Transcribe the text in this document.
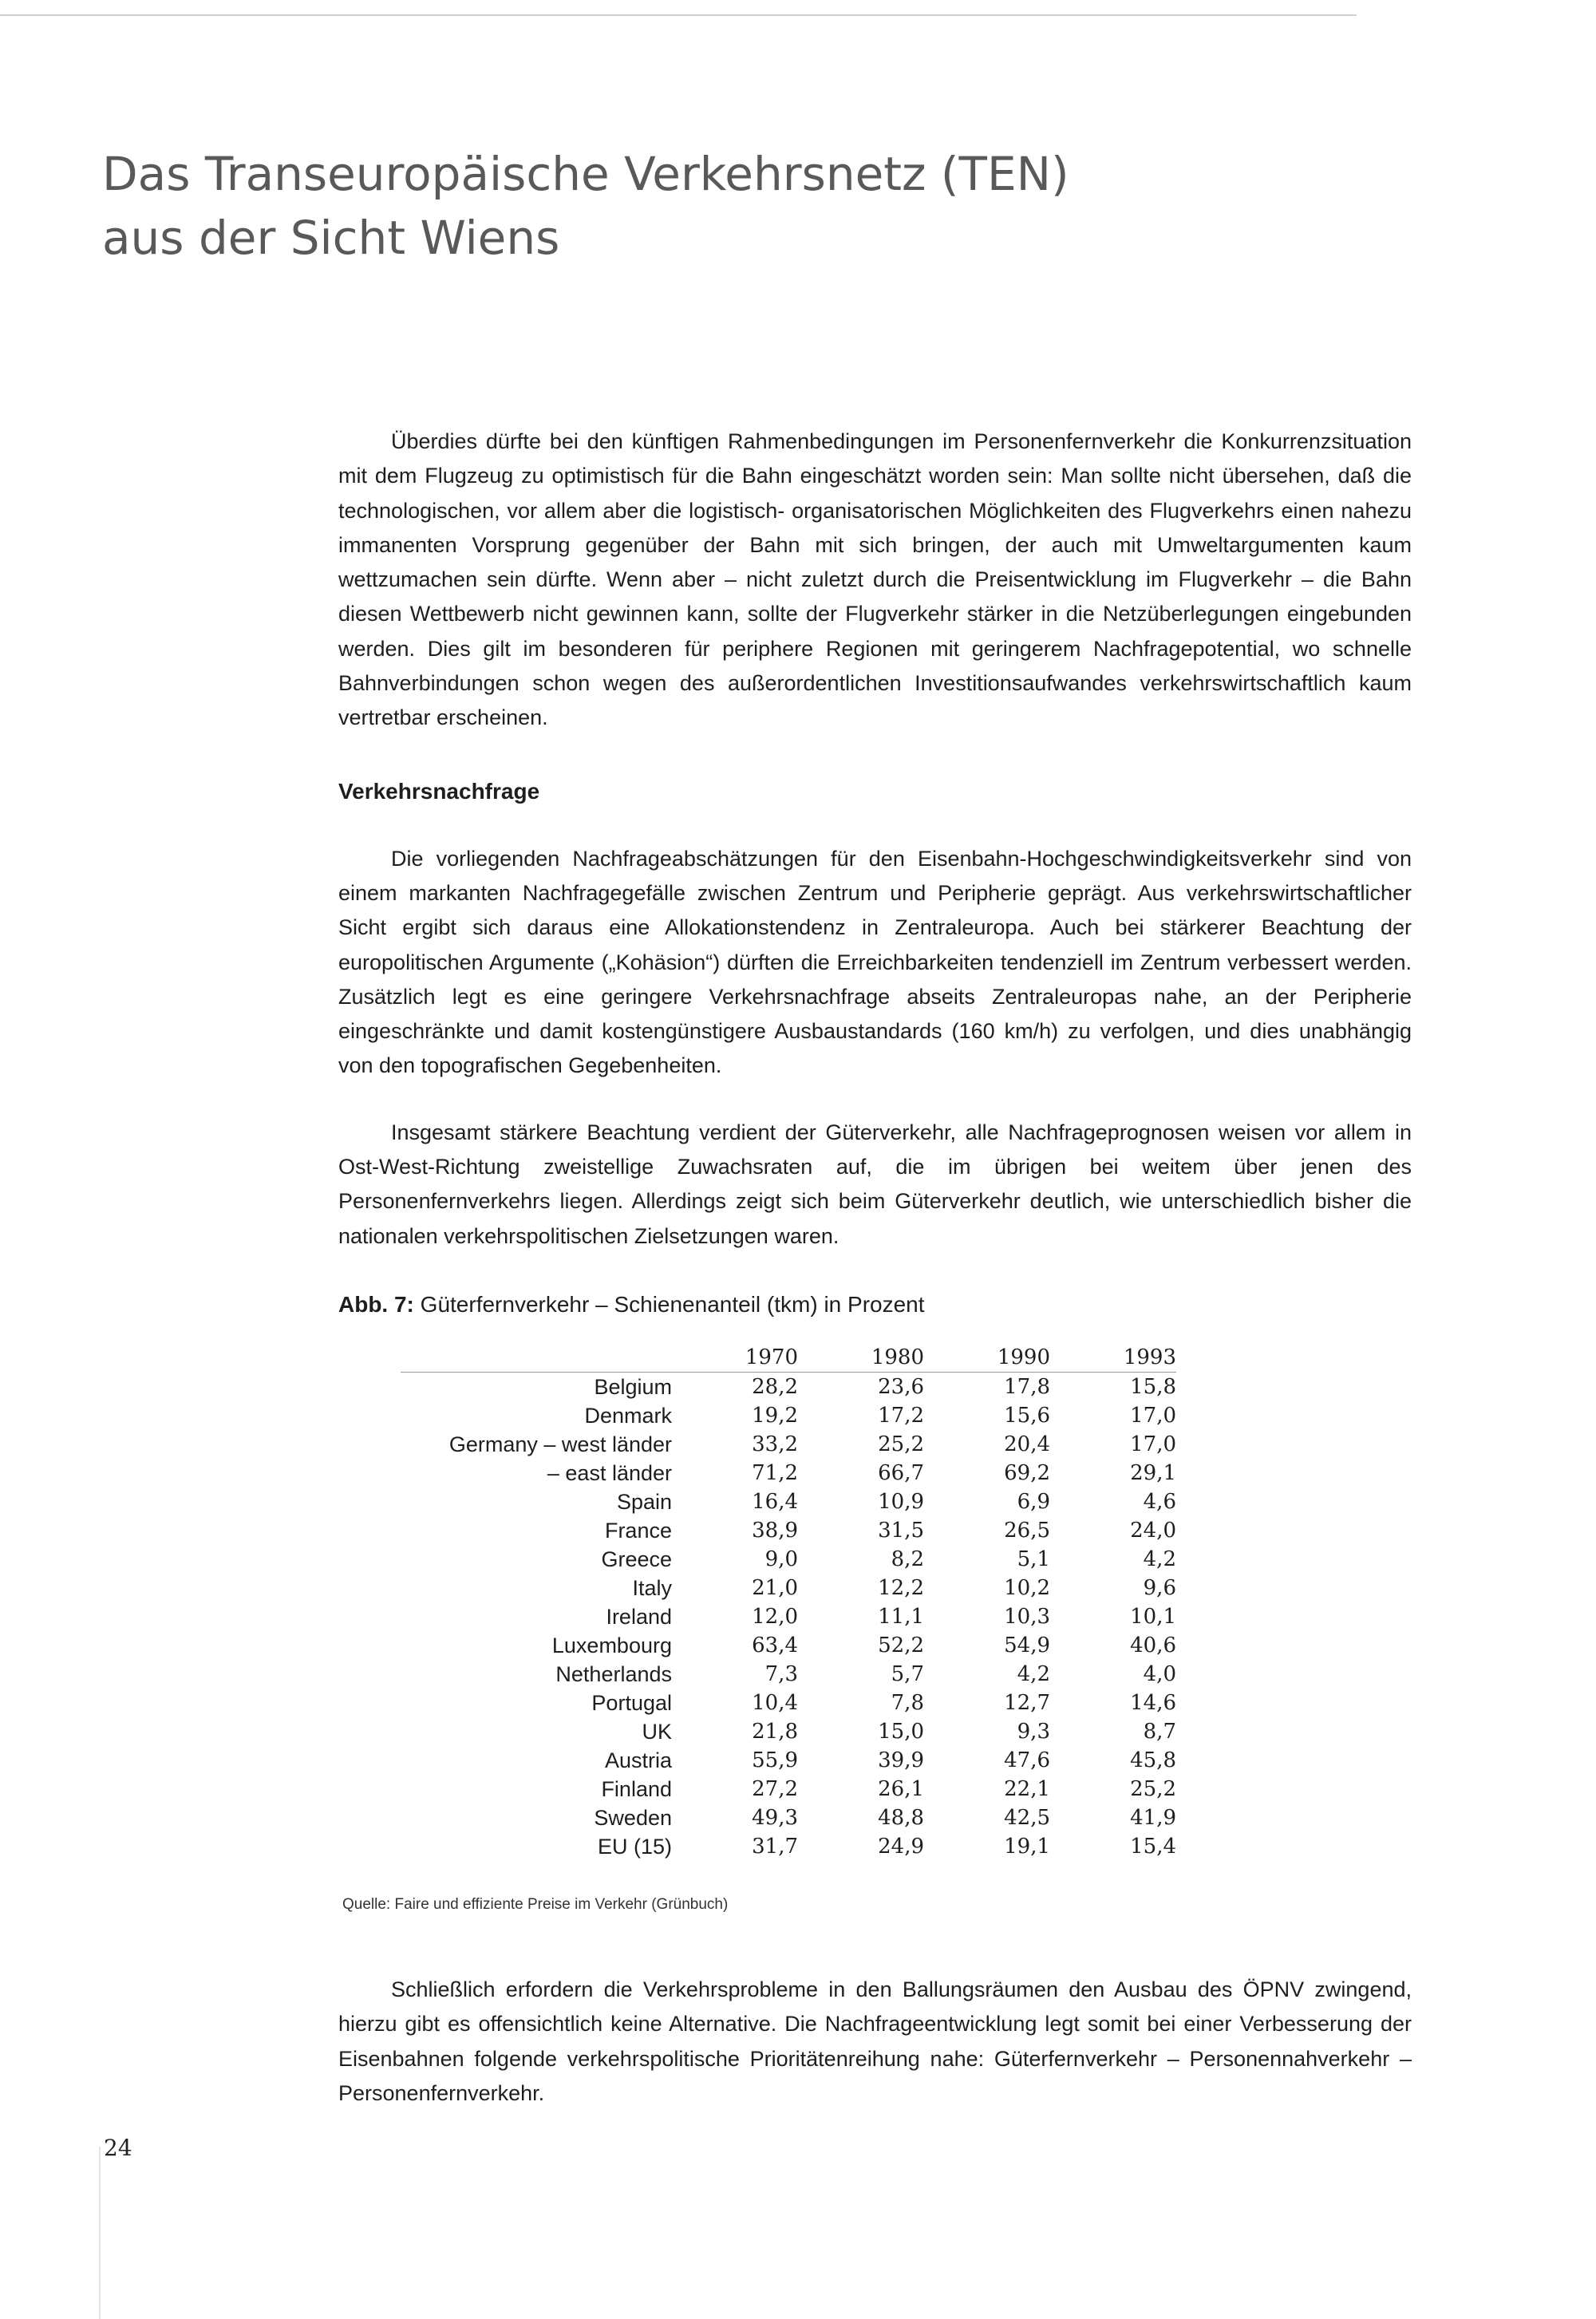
Das Transeuropäische Verkehrsnetz (TEN)
aus der Sicht Wiens

Überdies dürfte bei den künftigen Rahmenbedingungen im Personenfernverkehr die Konkurrenzsituation mit dem Flugzeug zu optimistisch für die Bahn eingeschätzt worden sein: Man sollte nicht übersehen, daß die technologischen, vor allem aber die logistisch- organisatorischen Möglichkeiten des Flugverkehrs einen nahezu immanenten Vorsprung gegenüber der Bahn mit sich bringen, der auch mit Umweltargumenten kaum wettzumachen sein dürfte. Wenn aber – nicht zuletzt durch die Preisentwicklung im Flugverkehr – die Bahn diesen Wettbewerb nicht gewinnen kann, sollte der Flugverkehr stärker in die Netzüberlegungen eingebunden werden. Dies gilt im besonderen für periphere Regionen mit geringerem Nachfragepotential, wo schnelle Bahnverbindungen schon wegen des außerordentlichen Investitionsaufwandes verkehrswirtschaftlich kaum vertretbar erscheinen.

Verkehrsnachfrage

Die vorliegenden Nachfrageabschätzungen für den Eisenbahn-Hochgeschwindigkeitsverkehr sind von einem markanten Nachfragegefälle zwischen Zentrum und Peripherie geprägt. Aus verkehrswirtschaftlicher Sicht ergibt sich daraus eine Allokationstendenz in Zentraleuropa. Auch bei stärkerer Beachtung der europolitischen Argumente („Kohäsion“) dürften die Erreichbarkeiten tendenziell im Zentrum verbessert werden. Zusätzlich legt es eine geringere Verkehrsnachfrage abseits Zentraleuropas nahe, an der Peripherie eingeschränkte und damit kostengünstigere Ausbaustandards (160 km/h) zu verfolgen, und dies unabhängig von den topografischen Gegebenheiten.

Insgesamt stärkere Beachtung verdient der Güterverkehr, alle Nachfrageprognosen weisen vor allem in Ost-West-Richtung zweistellige Zuwachsraten auf, die im übrigen bei weitem über jenen des Personenfernverkehrs liegen. Allerdings zeigt sich beim Güterverkehr deutlich, wie unterschiedlich bisher die nationalen verkehrspolitischen Zielsetzungen waren.

Abb. 7: Güterfernverkehr – Schienenanteil (tkm) in Prozent

	1970	1980	1990	1993
Belgium	28,2	23,6	17,8	15,8
Denmark	19,2	17,2	15,6	17,0
Germany – west länder	33,2	25,2	20,4	17,0
– east länder	71,2	66,7	69,2	29,1
Spain	16,4	10,9	6,9	4,6
France	38,9	31,5	26,5	24,0
Greece	9,0	8,2	5,1	4,2
Italy	21,0	12,2	10,2	9,6
Ireland	12,0	11,1	10,3	10,1
Luxembourg	63,4	52,2	54,9	40,6
Netherlands	7,3	5,7	4,2	4,0
Portugal	10,4	7,8	12,7	14,6
UK	21,8	15,0	9,3	8,7
Austria	55,9	39,9	47,6	45,8
Finland	27,2	26,1	22,1	25,2
Sweden	49,3	48,8	42,5	41,9
EU (15)	31,7	24,9	19,1	15,4
Quelle: Faire und effiziente Preise im Verkehr (Grünbuch)

Schließlich erfordern die Verkehrsprobleme in den Ballungsräumen den Ausbau des ÖPNV zwingend, hierzu gibt es offensichtlich keine Alternative. Die Nachfrageentwicklung legt somit bei einer Verbesserung der Eisenbahnen folgende verkehrspolitische Prioritätenreihung nahe: Güterfernverkehr – Personennahverkehr – Personenfernverkehr.

24
